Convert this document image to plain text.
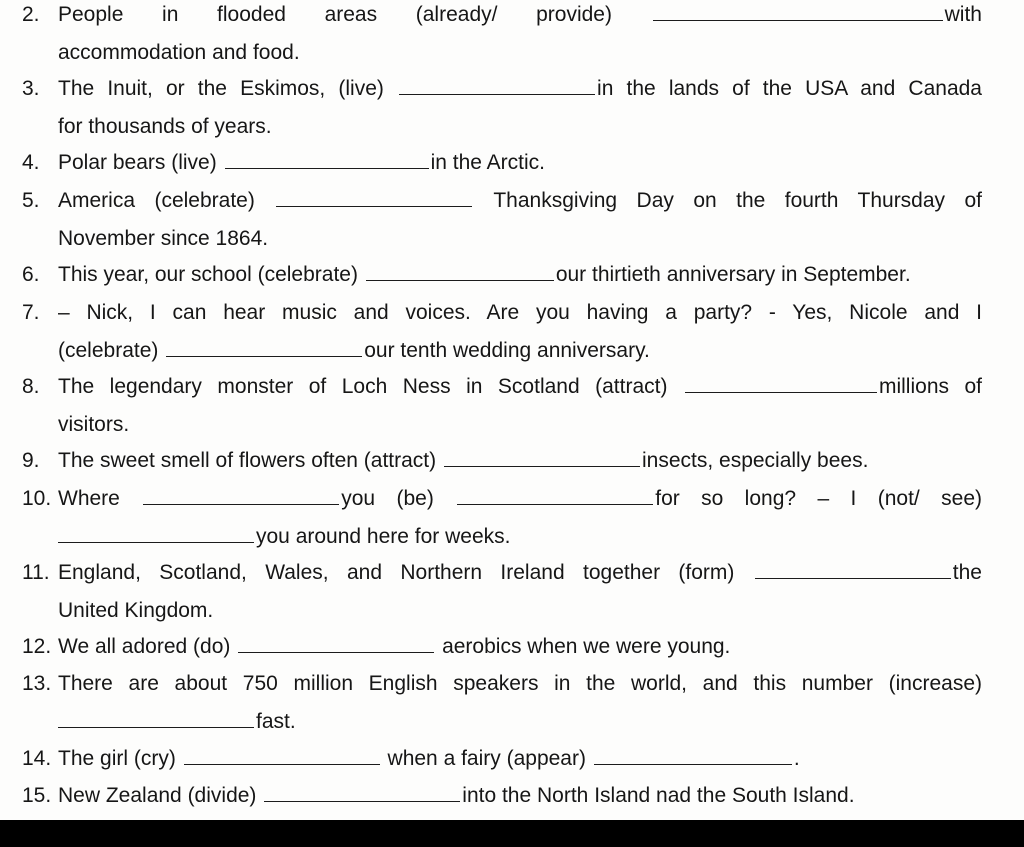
2. People in flooded areas (already/ provide)	with
accommodation and food.
3. The Inuit, or the Eskimos, (live)	in the lands of the USA and Canada
for thousands of years.
4. Polar bears (live)	in the Arctic.
5. America (celebrate)	Thanksgiving Day on the fourth Thursday of
November since 1864.
6. This year, our school (celebrate)	our thirtieth anniversary in September.
7. – Nick, I can hear music and voices. Are you having a party? - Yes, Nicole and I
(celebrate)	our tenth wedding anniversary.
8. The legendary monster of Loch Ness in Scotland (attract)	millions of
visitors.
9. The sweet smell of flowers often (attract)	insects, especially bees.
10. Where	you (be)	for so long? – I (not/ see)
you around here for weeks.
11. England, Scotland, Wales, and Northern Ireland together (form)	the
United Kingdom.
12. We all adored (do)	aerobics when we were young.
13. There are about 750 million English speakers in the world, and this number (increase)
fast.
14. The girl (cry)	when a fairy (appear)	.
15. New Zealand (divide)	into the North Island nad the South Island.
